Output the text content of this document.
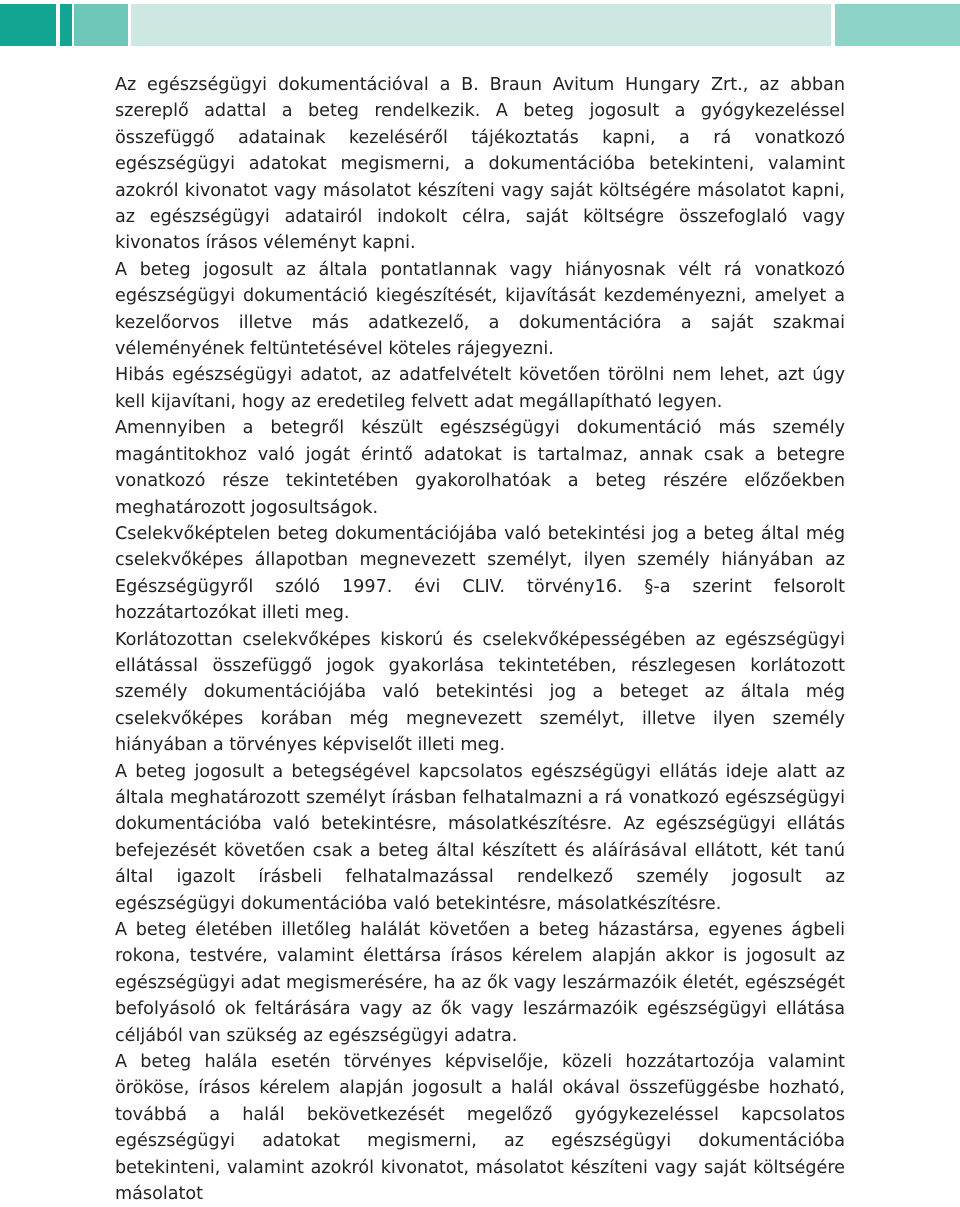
Az egészségügyi dokumentációval a B. Braun Avitum Hungary Zrt., az abban szereplő adattal a beteg rendelkezik. A beteg jogosult a gyógykezeléssel összefüggő adatainak kezeléséről tájékoztatás kapni, a rá vonatkozó egészségügyi adatokat megismerni, a dokumentációba betekinteni, valamint azokról kivonatot vagy másolatot készíteni vagy saját költségére másolatot kapni, az egészségügyi adatairól indokolt célra, saját költségre összefoglaló vagy kivonatos írásos véleményt kapni.

A beteg jogosult az általa pontatlannak vagy hiányosnak vélt rá vonatkozó egészségügyi dokumentáció kiegészítését, kijavítását kezdeményezni, amelyet a kezelőorvos illetve más adatkezelő, a dokumentációra a saját szakmai véleményének feltüntetésével köteles rájegyezni.

Hibás egészségügyi adatot, az adatfelvételt követően törölni nem lehet, azt úgy kell kijavítani, hogy az eredetileg felvett adat megállapítható legyen.

Amennyiben a betegről készült egészségügyi dokumentáció más személy magántitokhoz való jogát érintő adatokat is tartalmaz, annak csak a betegre vonatkozó része tekintetében gyakorolhatóak a beteg részére előzőekben meghatározott jogosultságok.

Cselekvőképtelen beteg dokumentációjába való betekintési jog a beteg által még cselekvőképes állapotban megnevezett személyt, ilyen személy hiányában az Egészségügyről szóló 1997. évi CLIV. törvény16. §-a szerint felsorolt hozzátartozókat illeti meg.

Korlátozottan cselekvőképes kiskorú és cselekvőképességében az egészségügyi ellátással összefüggő jogok gyakorlása tekintetében, részlegesen korlátozott személy dokumentációjába való betekintési jog a beteget az általa még cselekvőképes korában még megnevezett személyt, illetve ilyen személy hiányában a törvényes képviselőt illeti meg.

A beteg jogosult a betegségével kapcsolatos egészségügyi ellátás ideje alatt az általa meghatározott személyt írásban felhatalmazni a rá vonatkozó egészségügyi dokumentációba való betekintésre, másolatkészítésre. Az egészségügyi ellátás befejezését követően csak a beteg által készített és aláírásával ellátott, két tanú által igazolt írásbeli felhatalmazással rendelkező személy jogosult az egészségügyi dokumentációba való betekintésre, másolatkészítésre.

A beteg életében illetőleg halálát követően a beteg házastársa, egyenes ágbeli rokona, testvére, valamint élettársa írásos kérelem alapján akkor is jogosult az egészségügyi adat megismerésére, ha az ők vagy leszármazóik életét, egészségét befolyásoló ok feltárására vagy az ők vagy leszármazóik egészségügyi ellátása céljából van szükség az egészségügyi adatra.

A beteg halála esetén törvényes képviselője, közeli hozzátartozója valamint örököse, írásos kérelem alapján jogosult a halál okával összefüggésbe hozható, továbbá a halál bekövetkezését megelőző gyógykezeléssel kapcsolatos egészségügyi adatokat megismerni, az egészségügyi dokumentációba betekinteni, valamint azokról kivonatot, másolatot készíteni vagy saját költségére másolatot
